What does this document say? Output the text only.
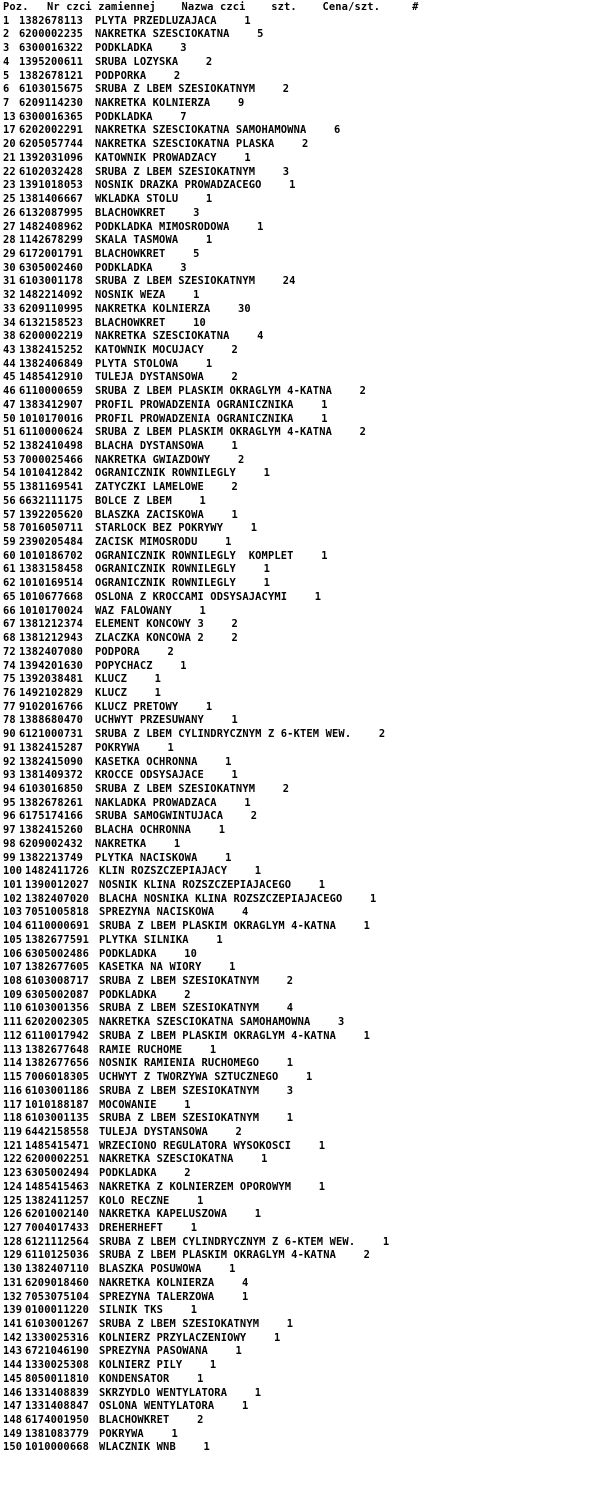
Poz.	Nr czci zamiennej    Nazwa czci    szt.    Cena/szt.     #
1 1382678113	PLYTA PRZEDLUZAJACA 1
2 6200002235	NAKRETKA SZESCIOKATNA 5
3 6300016322	PODKLADKA 3
4 1395200611	SRUBA LOZYSKA 2
5 1382678121	PODPORKA 2
6 6103015675	SRUBA Z LBEM SZESIOKATNYM 2
7 6209114230	NAKRETKA KOLNIERZA 9
13 6300016365	PODKLADKA 7
17 6202002291	NAKRETKA SZESCIOKATNA SAMOHAMOWNA 6
20 6205057744	NAKRETKA SZESCIOKATNA PLASKA 2
21 1392031096	KATOWNIK PROWADZACY 1
22 6102032428	SRUBA Z LBEM SZESIOKATNYM 3
23 1391018053	NOSNIK DRAZKA PROWADZACEGO 1
25 1381406667	WKLADKA STOLU 1
26 6132087995	BLACHOWKRET 3
27 1482408962	PODKLADKA MIMOSRODOWA 1
28 1142678299	SKALA TASMOWA 1
29 6172001791	BLACHOWKRET 5
30 6305002460	PODKLADKA 3
31 6103001178	SRUBA Z LBEM SZESIOKATNYM 24
32 1482214092	NOSNIK WEZA 1
33 6209110995	NAKRETKA KOLNIERZA 30
34 6132158523	BLACHOWKRET 10
38 6200002219	NAKRETKA SZESCIOKATNA 4
43 1382415252	KATOWNIK MOCUJACY 2
44 1382406849	PLYTA STOLOWA 1
45 1485412910	TULEJA DYSTANSOWA 2
46 6110000659	SRUBA Z LBEM PLASKIM OKRAGLYM 4-KATNA 2
47 1383412907	PROFIL PROWADZENIA OGRANICZNIKA 1
50 1010170016	PROFIL PROWADZENIA OGRANICZNIKA 1
51 6110000624	SRUBA Z LBEM PLASKIM OKRAGLYM 4-KATNA 2
52 1382410498	BLACHA DYSTANSOWA 1
53 7000025466	NAKRETKA GWIAZDOWY 2
54 1010412842	OGRANICZNIK ROWNILEGLY 1
55 1381169541	ZATYCZKI LAMELOWE 2
56 6632111175	BOLCE Z LBEM 1
57 1392205620	BLASZKA ZACISKOWA 1
58 7016050711	STARLOCK BEZ POKRYWY 1
59 2390205484	ZACISK MIMOSRODU 1
60 1010186702	OGRANICZNIK ROWNILEGLY  KOMPLET 1
61 1383158458	OGRANICZNIK ROWNILEGLY 1
62 1010169514	OGRANICZNIK ROWNILEGLY 1
65 1010677668	OSLONA Z KROCCAMI ODSYSAJACYMI 1
66 1010170024	WAZ FALOWANY 1
67 1381212374	ELEMENT KONCOWY 3 2
68 1381212943	ZLACZKA KONCOWA 2 2
72 1382407080	PODPORA 2
74 1394201630	POPYCHACZ 1
75 1392038481	KLUCZ 1
76 1492102829	KLUCZ 1
77 9102016766	KLUCZ PRETOWY 1
78 1388680470	UCHWYT PRZESUWANY 1
90 6121000731	SRUBA Z LBEM CYLINDRYCZNYM Z 6-KTEM WEW. 2
91 1382415287	POKRYWA 1
92 1382415090	KASETKA OCHRONNA 1
93 1381409372	KROCCE ODSYSAJACE 1
94 6103016850	SRUBA Z LBEM SZESIOKATNYM 2
95 1382678261	NAKLADKA PROWADZACA 1
96 6175174166	SRUBA SAMOGWINTUJACA 2
97 1382415260	BLACHA OCHRONNA 1
98 6209002432	NAKRETKA 1
99 1382213749	PLYTKA NACISKOWA 1
100 1482411726 KLIN ROZSZCZEPIAJACY 1
101 1390012027 NOSNIK KLINA ROZSZCZEPIAJACEGO 1
102 1382407020 BLACHA NOSNIKA KLINA ROZSZCZEPIAJACEGO 1
103 7051005818 SPREZYNA NACISKOWA 4
104 6110000691 SRUBA Z LBEM PLASKIM OKRAGLYM 4-KATNA 1
105 1382677591 PLYTKA SILNIKA 1
106 6305002486 PODKLADKA 10
107 1382677605 KASETKA NA WIORY 1
108 6103008717 SRUBA Z LBEM SZESIOKATNYM 2
109 6305002087 PODKLADKA 2
110 6103001356 SRUBA Z LBEM SZESIOKATNYM 4
111 6202002305 NAKRETKA SZESCIOKATNA SAMOHAMOWNA 3
112 6110017942 SRUBA Z LBEM PLASKIM OKRAGLYM 4-KATNA 1
113 1382677648 RAMIE RUCHOME 1
114 1382677656 NOSNIK RAMIENIA RUCHOMEGO 1
115 7006018305 UCHWYT Z TWORZYWA SZTUCZNEGO 1
116 6103001186 SRUBA Z LBEM SZESIOKATNYM 3
117 1010188187 MOCOWANIE 1
118 6103001135 SRUBA Z LBEM SZESIOKATNYM 1
119 6442158558 TULEJA DYSTANSOWA 2
121 1485415471 WRZECIONO REGULATORA WYSOKOSCI 1
122 6200002251 NAKRETKA SZESCIOKATNA 1
123 6305002494 PODKLADKA 2
124 1485415463 NAKRETKA Z KOLNIERZEM OPOROWYM 1
125 1382411257 KOLO RECZNE 1
126 6201002140 NAKRETKA KAPELUSZOWA 1
127 7004017433 DREHERHEFT 1
128 6121112564 SRUBA Z LBEM CYLINDRYCZNYM Z 6-KTEM WEW. 1
129 6110125036 SRUBA Z LBEM PLASKIM OKRAGLYM 4-KATNA 2
130 1382407110 BLASZKA POSUWOWA 1
131 6209018460 NAKRETKA KOLNIERZA 4
132 7053075104 SPREZYNA TALERZOWA 1
139 0100011220 SILNIK TKS 1
141 6103001267 SRUBA Z LBEM SZESIOKATNYM 1
142 1330025316 KOLNIERZ PRZYLACZENIOWY 1
143 6721046190 SPREZYNA PASOWANA 1
144 1330025308 KOLNIERZ PILY 1
145 8050011810 KONDENSATOR 1
146 1331408839 SKRZYDLO WENTYLATORA 1
147 1331408847 OSLONA WENTYLATORA 1
148 6174001950 BLACHOWKRET 2
149 1381083779 POKRYWA 1
150 1010000668 WLACZNIK WNB 1
